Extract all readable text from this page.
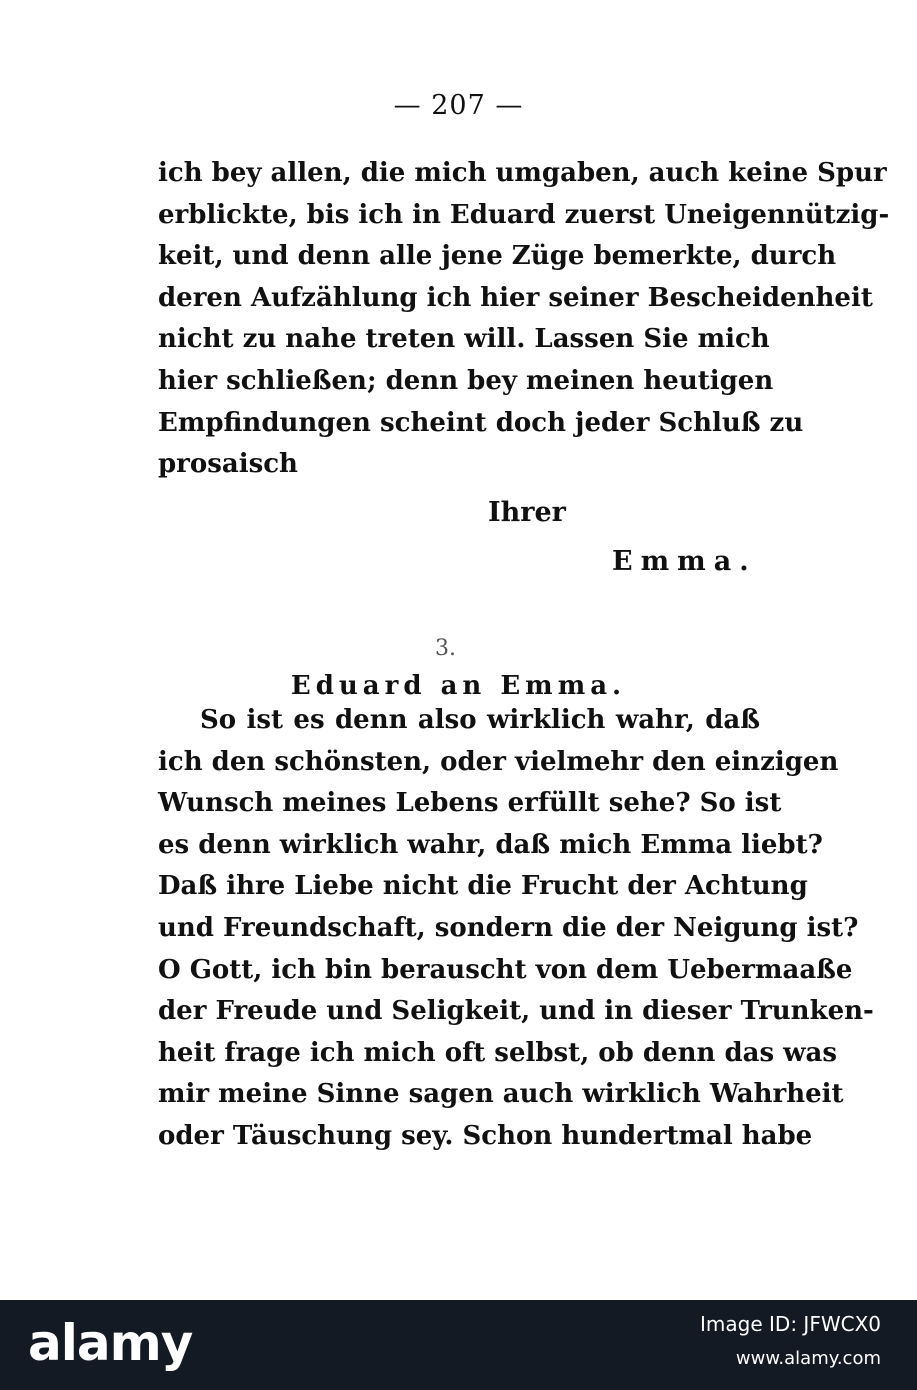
— 207 —
ich bey allen, die mich umgaben, auch keine Spur
erblickte, bis ich in Eduard zuerst Uneigennützig-
keit, und denn alle jene Züge bemerkte, durch
deren Aufzählung ich hier seiner Bescheidenheit
nicht zu nahe treten will. Lassen Sie mich
hier schließen; denn bey meinen heutigen
Empfindungen scheint doch jeder Schluß zu
prosaisch
Ihrer
Emma.
3.
Eduard an Emma.
So ist es denn also wirklich wahr, daß
ich den schönsten, oder vielmehr den einzigen
Wunsch meines Lebens erfüllt sehe? So ist
es denn wirklich wahr, daß mich Emma liebt?
Daß ihre Liebe nicht die Frucht der Achtung
und Freundschaft, sondern die der Neigung ist?
O Gott, ich bin berauscht von dem Uebermaaße
der Freude und Seligkeit, und in dieser Trunken-
heit frage ich mich oft selbst, ob denn das was
mir meine Sinne sagen auch wirklich Wahrheit
oder Täuschung sey. Schon hundertmal habe
alamy	Image ID: JFWCX0
www.alamy.com
